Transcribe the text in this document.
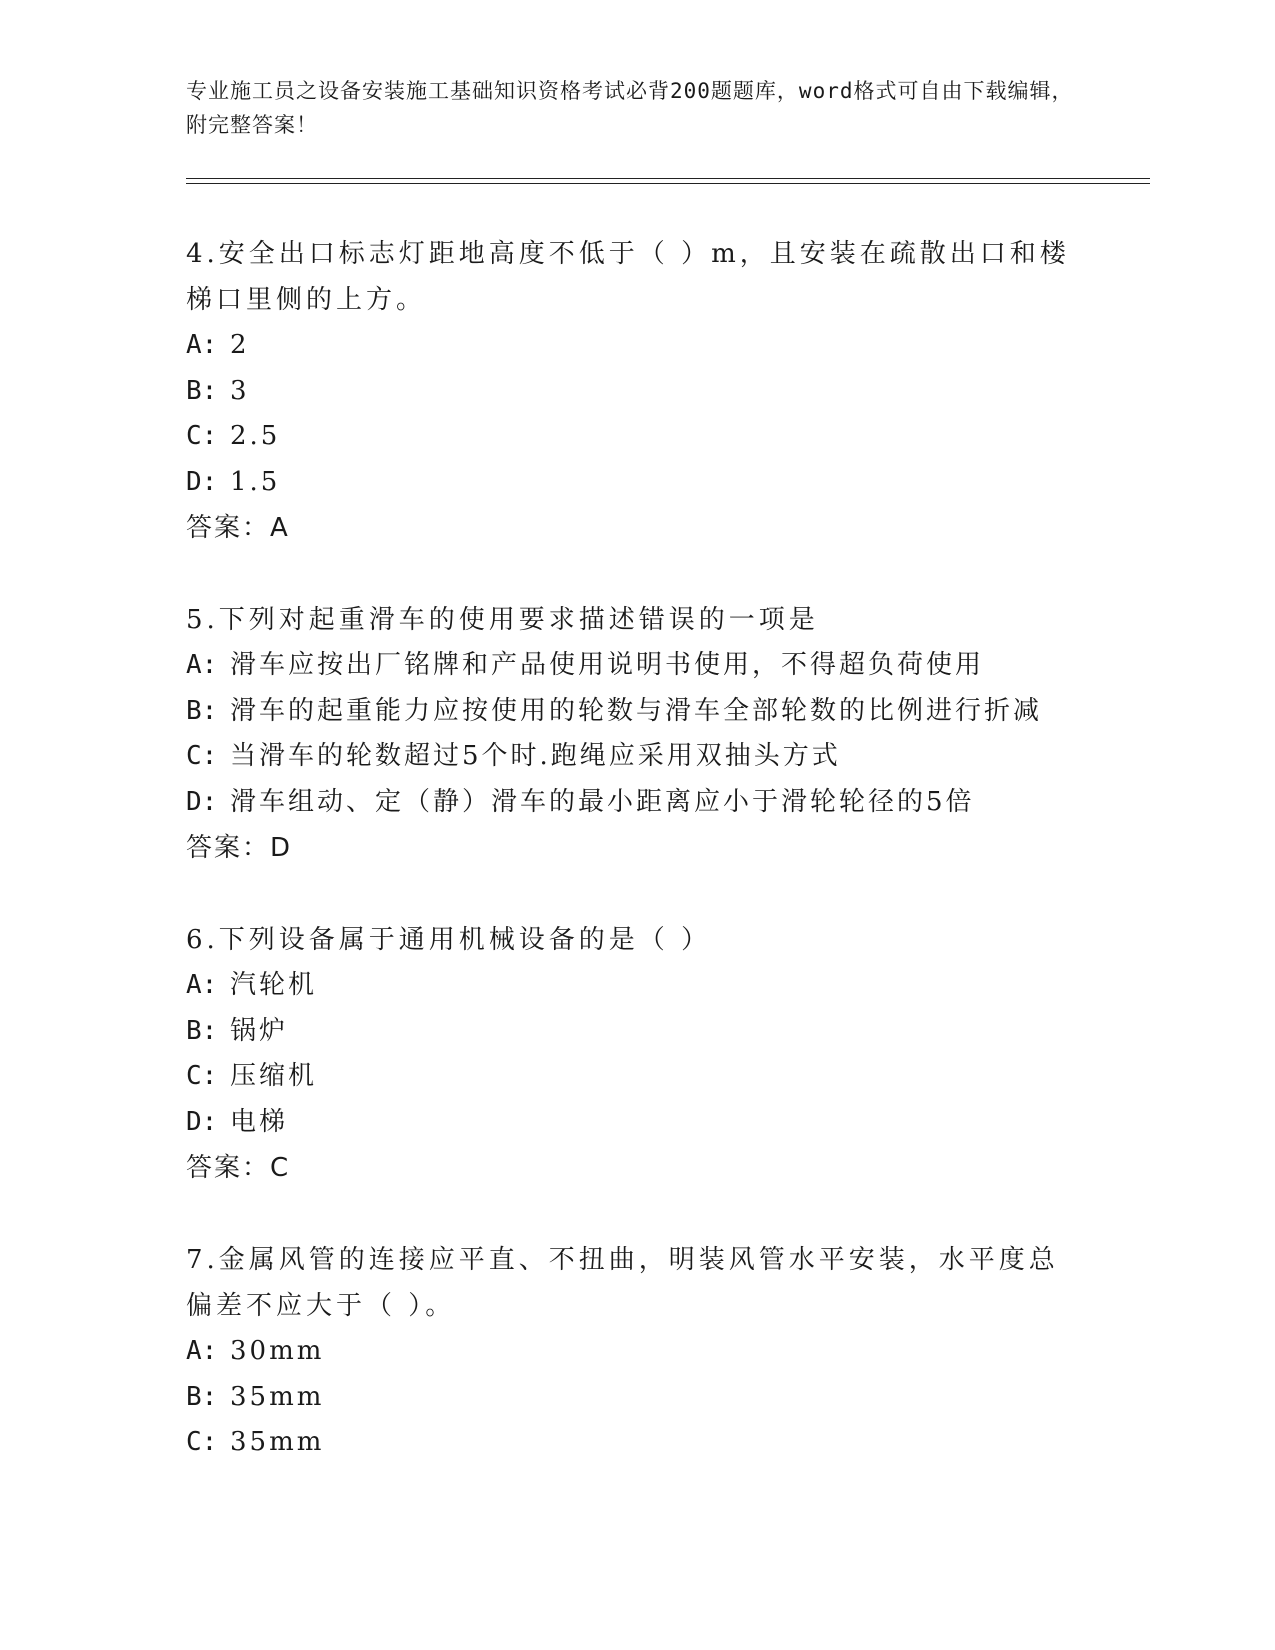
专业施工员之设备安装施工基础知识资格考试必背200题题库，word格式可自由下载编辑，附完整答案！

4.安全出口标志灯距地高度不低于（ ）m，且安装在疏散出口和楼梯口里侧的上方。

A: 2

B: 3

C: 2.5

D: 1.5

答案：A

5.下列对起重滑车的使用要求描述错误的一项是

A: 滑车应按出厂铭牌和产品使用说明书使用，不得超负荷使用

B: 滑车的起重能力应按使用的轮数与滑车全部轮数的比例进行折减

C: 当滑车的轮数超过5个时.跑绳应采用双抽头方式

D: 滑车组动、定（静）滑车的最小距离应小于滑轮轮径的5倍

答案：D

6.下列设备属于通用机械设备的是（ ）

A: 汽轮机

B: 锅炉

C: 压缩机

D: 电梯

答案：C

7.金属风管的连接应平直、不扭曲，明装风管水平安装，水平度总偏差不应大于（ ）。

A: 30mm

B: 35mm

C: 35mm
